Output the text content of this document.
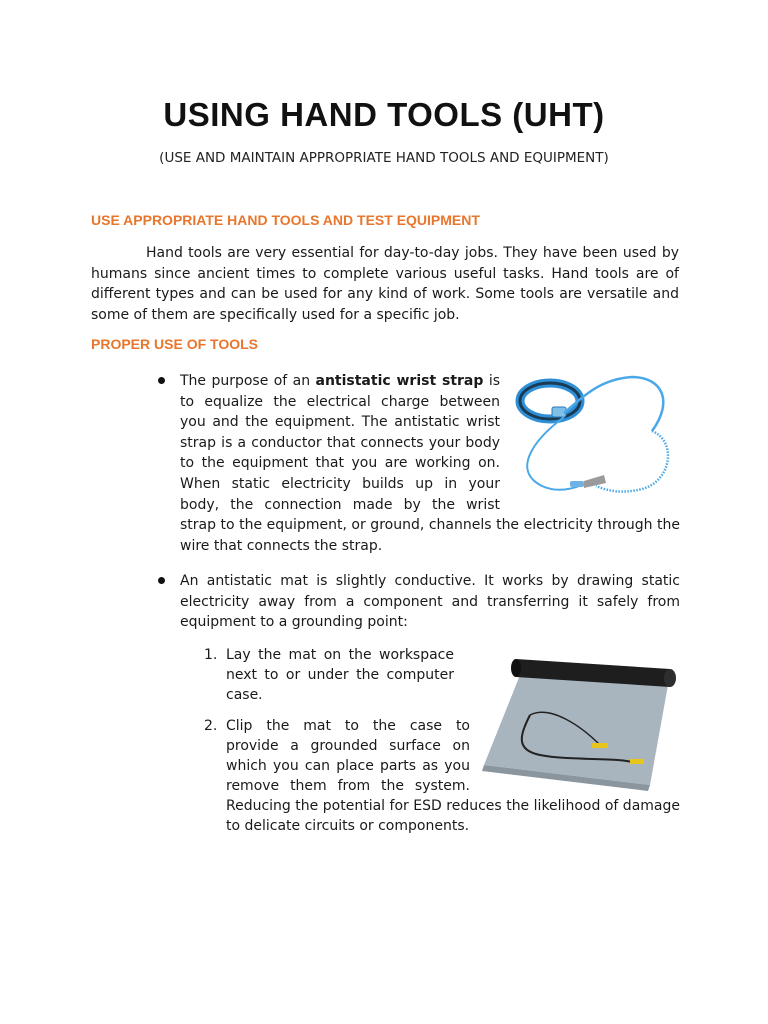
USING HAND TOOLS (UHT)
(USE AND MAINTAIN APPROPRIATE HAND TOOLS AND EQUIPMENT)
USE APPROPRIATE HAND TOOLS AND TEST EQUIPMENT
Hand tools are very essential for day-to-day jobs. They have been used by humans since ancient times to complete various useful tasks. Hand tools are of different types and can be used for any kind of work. Some tools are versatile and some of them are specifically used for a specific job.
PROPER USE OF TOOLS
The purpose of an antistatic wrist strap is to equalize the electrical charge between you and the equipment. The antistatic wrist strap is a conductor that connects your body to the equipment that you are working on. When static electricity builds up in your body, the connection made by the wrist strap to the equipment, or ground, channels the electricity through the wire that connects the strap.
An antistatic mat is slightly conductive. It works by drawing static electricity away from a component and transferring it safely from equipment to a grounding point:
1. Lay the mat on the workspace next to or under the computer case.
2. Clip the mat to the case to provide a grounded surface on which you can place parts as you remove them from the system. Reducing the potential for ESD reduces the likelihood of damage to delicate circuits or components.
